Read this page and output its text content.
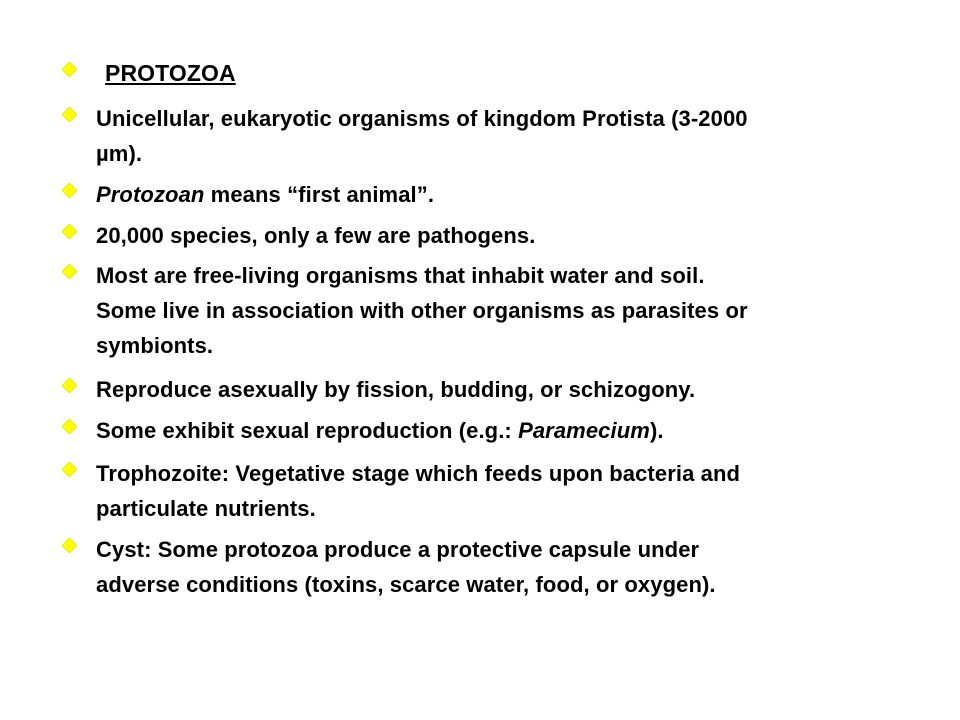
PROTOZOA
Unicellular, eukaryotic organisms of kingdom Protista (3-2000
µm).
Protozoan means “first animal”.
20,000 species, only a few are pathogens.
Most are free-living organisms that inhabit water and soil.
Some live in association with other organisms as parasites or
symbionts.
Reproduce asexually by fission, budding, or schizogony.
Some exhibit sexual reproduction (e.g.: Paramecium).
Trophozoite: Vegetative stage which feeds upon bacteria and
particulate nutrients.
Cyst: Some protozoa produce a protective capsule under
adverse conditions (toxins, scarce water, food, or oxygen).
